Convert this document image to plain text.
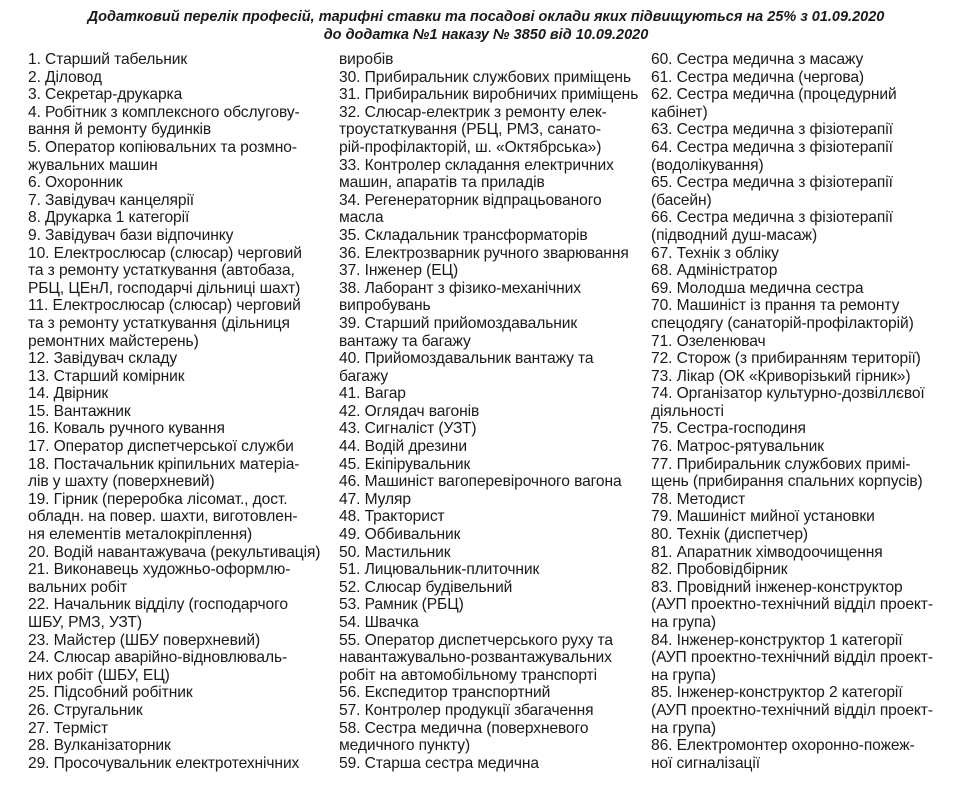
Додатковий перелік професій, тарифні ставки та посадові оклади яких підвищуються на 25% з 01.09.2020
до додатка №1 наказу № 3850 від 10.09.2020
1. Старший табельник
2. Діловод
3. Секретар-друкарка
4. Робітник з комплексного обслугову-
вання й ремонту будинків
5. Оператор копіювальних та розмно-
жувальних машин
6. Охоронник
7. Завідувач канцелярії
8. Друкарка 1 категорії
9. Завідувач бази відпочинку
10. Електрослюсар (слюсар) черговий
та з ремонту устаткування (автобаза,
РБЦ, ЦЕнЛ, господарчі дільниці шахт)
11. Електрослюсар (слюсар) черговий
та з ремонту устаткування (дільниця
ремонтних майстерень)
12. Завідувач складу
13. Старший комірник
14. Двірник
15. Вантажник
16. Коваль ручного кування
17. Оператор диспетчерської служби
18. Постачальник кріпильних матеріа-
лів у шахту (поверхневий)
19. Гірник (переробка лісомат., дост.
обладн. на повер. шахти, виготовлен-
ня елементів металокріплення)
20. Водій навантажувача (рекультивація)
21. Виконавець художньо-оформлю-
вальних робіт
22. Начальник відділу (господарчого
ШБУ, РМЗ, УЗТ)
23. Майстер (ШБУ поверхневий)
24. Слюсар аварійно-відновлюваль-
них робіт (ШБУ, ЕЦ)
25. Підсобний робітник
26. Стругальник
27. Терміст
28. Вулканізаторник
29. Просочувальник електротехнічних
виробів
30. Прибиральник службових приміщень
31. Прибиральник виробничих приміщень
32. Слюсар-електрик з ремонту елек-
троустаткування (РБЦ, РМЗ, санато-
рій-профілакторій, ш. «Октябрська»)
33. Контролер складання електричних
машин, апаратів та приладів
34. Регенераторник відпрацьованого
масла
35. Складальник трансформаторів
36. Електрозварник ручного зварювання
37. Інженер (ЕЦ)
38. Лаборант з фізико-механічних
випробувань
39. Старший прийомоздавальник
вантажу та багажу
40. Прийомоздавальник вантажу та
багажу
41. Вагар
42. Оглядач вагонів
43. Сигналіст (УЗТ)
44. Водій дрезини
45. Екіпірувальник
46. Машиніст вагоперевірочного вагона
47. Муляр
48. Тракторист
49. Оббивальник
50. Мастильник
51. Лицювальник-плиточник
52. Слюсар будівельний
53. Рамник (РБЦ)
54. Швачка
55. Оператор диспетчерського руху та
навантажувально-розвантажувальних
робіт на автомобільному транспорті
56. Експедитор транспортний
57. Контролер продукції збагачення
58. Сестра медична (поверхневого
медичного пункту)
59. Старша сестра медична
60. Сестра медична з масажу
61. Сестра медична (чергова)
62. Сестра медична (процедурний
кабінет)
63. Сестра медична з фізіотерапії
64. Сестра медична з фізіотерапії
(водолікування)
65. Сестра медична з фізіотерапії
(басейн)
66. Сестра медична з фізіотерапії
(підводний душ-масаж)
67. Технік з обліку
68. Адміністратор
69. Молодша медична сестра
70. Машиніст із прання та ремонту
спецодягу (санаторій-профілакторій)
71. Озеленювач
72. Сторож (з прибиранням території)
73. Лікар (ОК «Криворізький гірник»)
74. Організатор культурно-дозвіллєвої
діяльності
75. Сестра-господиня
76. Матрос-рятувальник
77. Прибиральник службових примі-
щень (прибирання спальних корпусів)
78. Методист
79. Машиніст мийної установки
80. Технік (диспетчер)
81. Апаратник хімводоочищення
82. Пробовідбірник
83. Провідний інженер-конструктор
(АУП проектно-технічний відділ проект-
на група)
84. Інженер-конструктор 1 категорії
(АУП проектно-технічний відділ проект-
на група)
85. Інженер-конструктор 2 категорії
(АУП проектно-технічний відділ проект-
на група)
86. Електромонтер охоронно-пожеж-
ної сигналізації
